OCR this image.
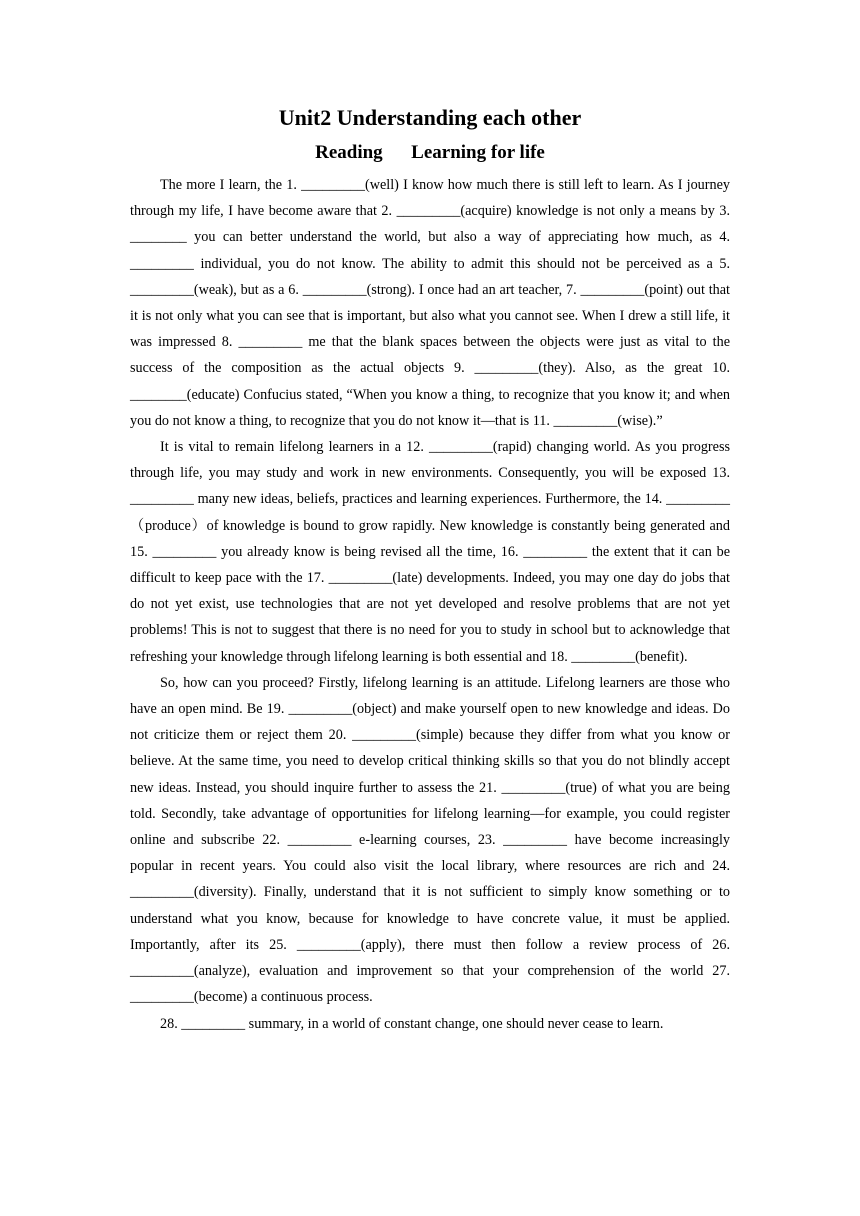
Unit2 Understanding each other
Reading      Learning for life

The more I learn, the 1. _________(well) I know how much there is still left to learn. As I journey through my life, I have become aware that 2. _________(acquire) knowledge is not only a means by 3. ________ you can better understand the world, but also a way of appreciating how much, as 4. _________ individual, you do not know. The ability to admit this should not be perceived as a 5. _________(weak), but as a 6. _________(strong). I once had an art teacher, 7. _________(point) out that it is not only what you can see that is important, but also what you cannot see. When I drew a still life, it was impressed 8. _________ me that the blank spaces between the objects were just as vital to the success of the composition as the actual objects 9. _________(they). Also, as the great 10. ________(educate) Confucius stated, “When you know a thing, to recognize that you know it; and when you do not know a thing, to recognize that you do not know it—that is 11. _________(wise).”

It is vital to remain lifelong learners in a 12. _________(rapid) changing world. As you progress through life, you may study and work in new environments. Consequently, you will be exposed 13. _________ many new ideas, beliefs, practices and learning experiences. Furthermore, the 14. _________（produce）of knowledge is bound to grow rapidly. New knowledge is constantly being generated and 15. _________ you already know is being revised all the time, 16. _________ the extent that it can be difficult to keep pace with the 17. _________(late) developments. Indeed, you may one day do jobs that do not yet exist, use technologies that are not yet developed and resolve problems that are not yet problems! This is not to suggest that there is no need for you to study in school but to acknowledge that refreshing your knowledge through lifelong learning is both essential and 18. _________(benefit).

So, how can you proceed? Firstly, lifelong learning is an attitude. Lifelong learners are those who have an open mind. Be 19. _________(object) and make yourself open to new knowledge and ideas. Do not criticize them or reject them 20. _________(simple) because they differ from what you know or believe. At the same time, you need to develop critical thinking skills so that you do not blindly accept new ideas. Instead, you should inquire further to assess the 21. _________(true) of what you are being told. Secondly, take advantage of opportunities for lifelong learning—for example, you could register online and subscribe 22. _________ e-learning courses, 23. _________ have become increasingly popular in recent years. You could also visit the local library, where resources are rich and 24. _________(diversity). Finally, understand that it is not sufficient to simply know something or to understand what you know, because for knowledge to have concrete value, it must be applied. Importantly, after its 25. _________(apply), there must then follow a review process of 26. _________(analyze), evaluation and improvement so that your comprehension of the world 27. _________(become) a continuous process.

28. _________ summary, in a world of constant change, one should never cease to learn.
